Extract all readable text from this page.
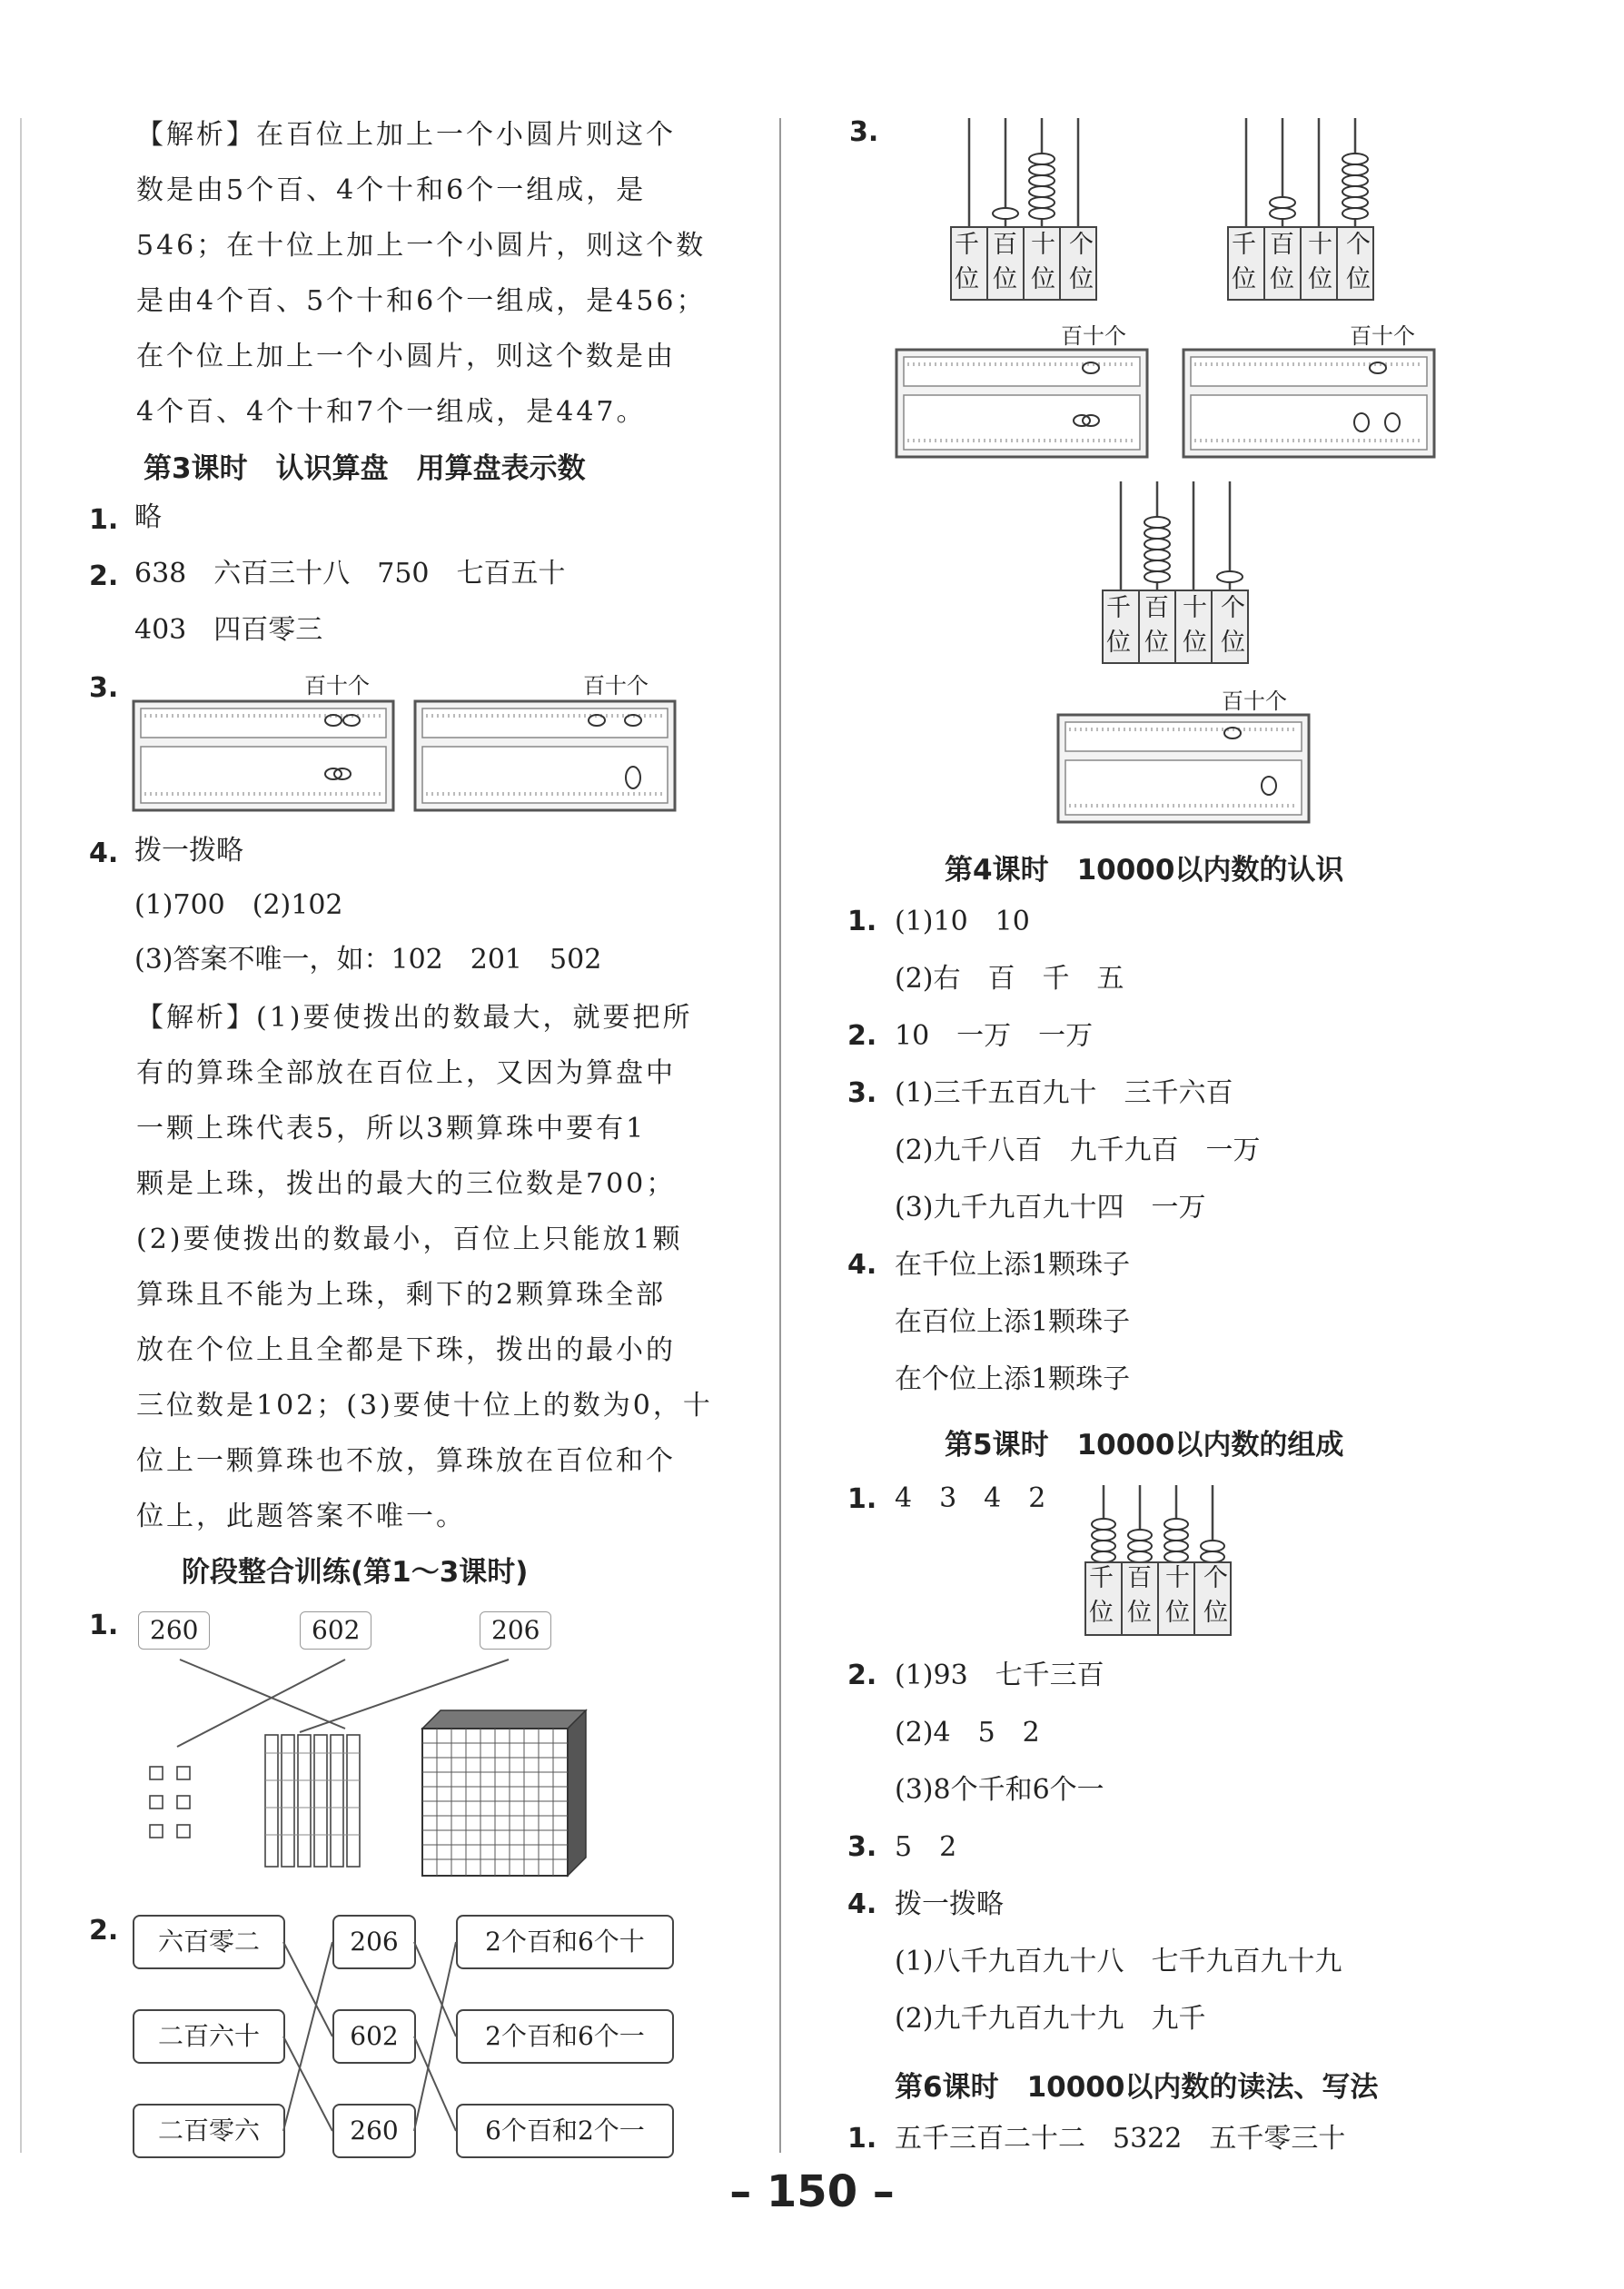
【解析】在百位上加上一个小圆片则这个
数是由5个百、4个十和6个一组成，是
546；在十位上加上一个小圆片，则这个数
是由4个百、5个十和6个一组成，是456；
在个位上加上一个小圆片，则这个数是由
4个百、4个十和7个一组成，是447。
第3课时　认识算盘　用算盘表示数
1. 略
2. 638　六百三十八　750　七百五十
403　四百零三
3.	百十个	百十个
4. 拨一拨略
(1)700　(2)102
(3)答案不唯一，如：102　201　502
【解析】(1)要使拨出的数最大，就要把所
有的算珠全部放在百位上，又因为算盘中
一颗上珠代表5，所以3颗算珠中要有1
颗是上珠，拨出的最大的三位数是700；
(2)要使拨出的数最小，百位上只能放1颗
算珠且不能为上珠，剩下的2颗算珠全部
放在个位上且全都是下珠，拨出的最小的
三位数是102；(3)要使十位上的数为0，十
位上一颗算珠也不放，算珠放在百位和个
位上，此题答案不唯一。
阶段整合训练(第1～3课时)
1.	260	602	206
2.	六百零二
二百六十
二百零六
206
602
260
2个百和6个十
2个百和6个一
6个百和2个一
3.
千百十个
位位位位
千百十个
位位位位
百十个	百十个
千百十个
位位位位
百十个
第4课时　10000以内数的认识
1. (1)10　10
(2)右　百　千　五
2. 10　一万　一万
3. (1)三千五百九十　三千六百
(2)九千八百　九千九百　一万
(3)九千九百九十四　一万
4. 在千位上添1颗珠子
在百位上添1颗珠子
在个位上添1颗珠子
第5课时　10000以内数的组成
1. 4　3　4　2
千百十个
位位位位
2. (1)93　七千三百
(2)4　5　2
(3)8个千和6个一
3. 5　2
4. 拨一拨略
(1)八千九百九十八　七千九百九十九
(2)九千九百九十九　九千
第6课时　10000以内数的读法、写法
1. 五千三百二十二　5322　五千零三十
– 150 –
